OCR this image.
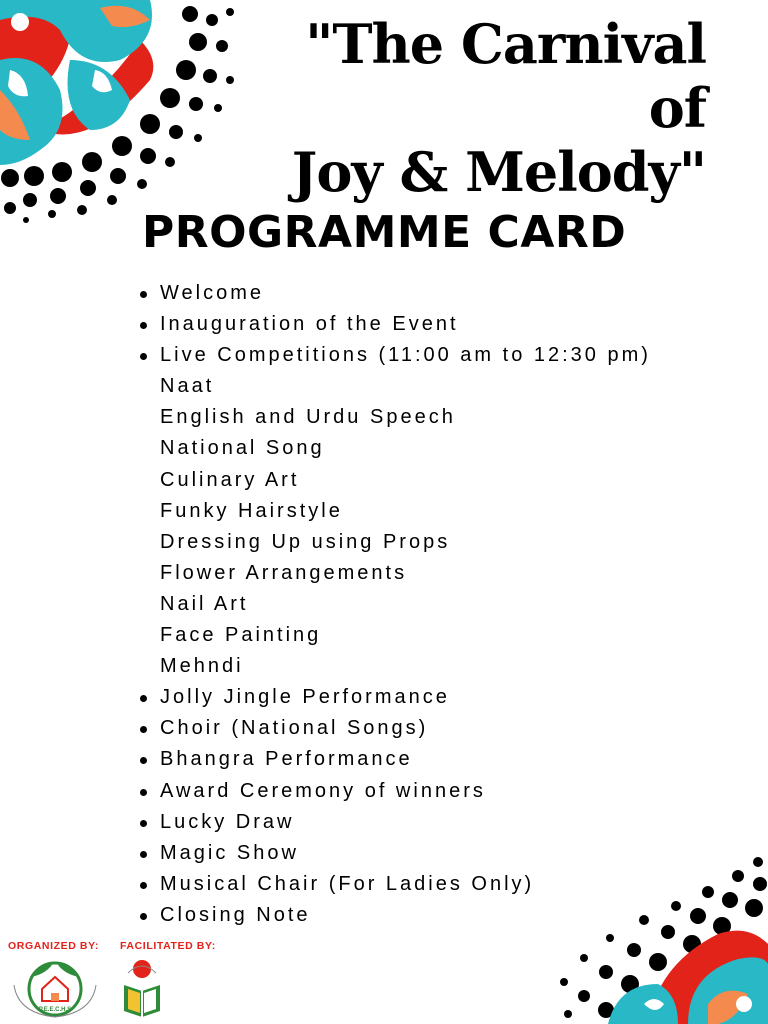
"The Carnival
of
Joy & Melody"
PROGRAMME CARD
Welcome
Inauguration of the Event
Live Competitions (11:00 am to 12:30 pm)
Naat
English and Urdu Speech
National Song
Culinary Art
Funky Hairstyle
Dressing Up using Props
Flower Arrangements
Nail Art
Face Painting
Mehndi
Jolly Jingle Performance
Choir (National Songs)
Bhangra Performance
Award Ceremony of winners
Lucky Draw
Magic Show
Musical Chair (For Ladies Only)
Closing Note

ORGANIZED BY: FACILITATED BY:

P.E.E.C.H.S
